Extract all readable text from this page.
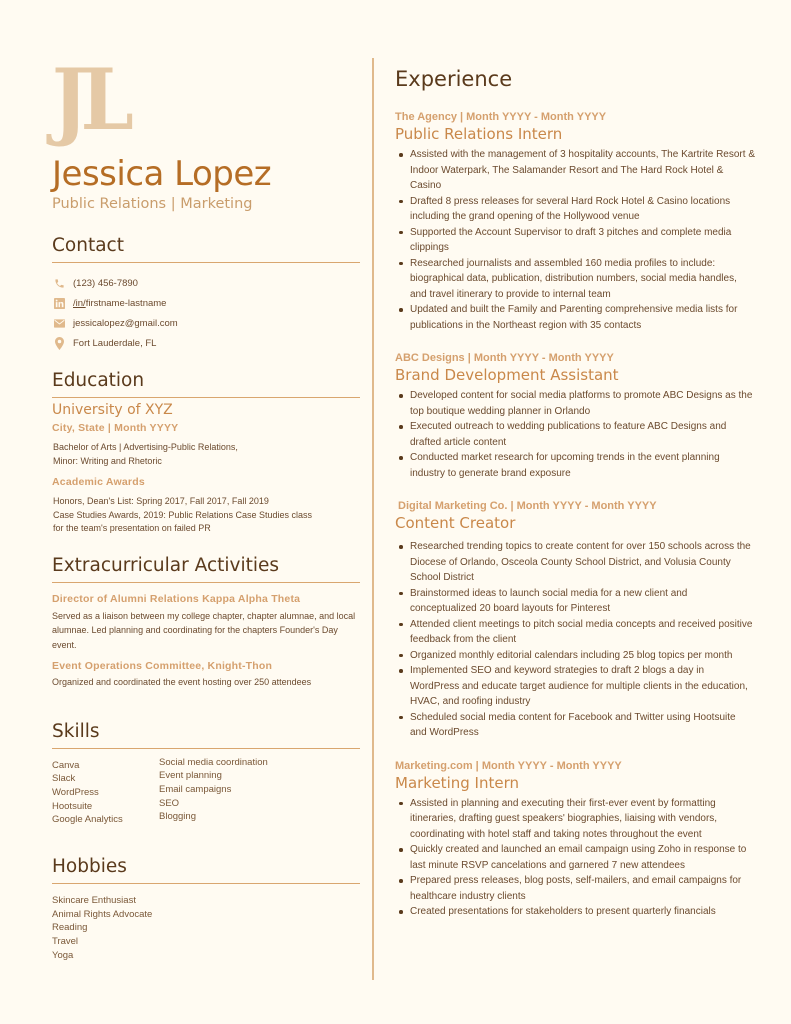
JL
Jessica Lopez
Public Relations | Marketing
Contact
(123) 456-7890
/in/firstname-lastname
jessicalopez@gmail.com
Fort Lauderdale, FL
Education
University of XYZ
City, State | Month YYYY
Bachelor of Arts | Advertising-Public Relations,
Minor: Writing and Rhetoric
Academic Awards
Honors, Dean's List: Spring 2017, Fall 2017, Fall 2019
Case Studies Awards, 2019: Public Relations Case Studies class
for the team's presentation on failed PR
Extracurricular Activities
Director of Alumni Relations Kappa Alpha Theta
Served as a liaison between my college chapter, chapter alumnae, and local alumnae. Led planning and coordinating for the chapters Founder's Day event.
Event Operations Committee, Knight-Thon
Organized and coordinated the event hosting over 250 attendees
Skills
Canva
Slack
WordPress
Hootsuite
Google Analytics
Social media coordination
Event planning
Email campaigns
SEO
Blogging
Hobbies
Skincare Enthusiast
Animal Rights Advocate
Reading
Travel
Yoga
Experience
The Agency | Month YYYY - Month YYYY
Public Relations Intern
Assisted with the management of 3 hospitality accounts, The Kartrite Resort & Indoor Waterpark, The Salamander Resort and The Hard Rock Hotel & Casino
Drafted 8 press releases for several Hard Rock Hotel & Casino locations including the grand opening of the Hollywood venue
Supported the Account Supervisor to draft 3 pitches and complete media clippings
Researched journalists and assembled 160 media profiles to include: biographical data, publication, distribution numbers, social media handles, and travel itinerary to provide to internal team
Updated and built the Family and Parenting comprehensive media lists for publications in the Northeast region with 35 contacts
ABC Designs | Month YYYY - Month YYYY
Brand Development Assistant
Developed content for social media platforms to promote ABC Designs as the top boutique wedding planner in Orlando
Executed outreach to wedding publications to feature ABC Designs and drafted article content
Conducted market research for upcoming trends in the event planning industry to generate brand exposure
Digital Marketing Co. | Month YYYY - Month YYYY
Content Creator
Researched trending topics to create content for over 150 schools across the Diocese of Orlando, Osceola County School District, and Volusia County School District
Brainstormed ideas to launch social media for a new client and conceptualized 20 board layouts for Pinterest
Attended client meetings to pitch social media concepts and received positive feedback from the client
Organized monthly editorial calendars including 25 blog topics per month
Implemented SEO and keyword strategies to draft 2 blogs a day in WordPress and educate target audience for multiple clients in the education, HVAC, and roofing industry
Scheduled social media content for Facebook and Twitter using Hootsuite and WordPress
Marketing.com | Month YYYY - Month YYYY
Marketing Intern
Assisted in planning and executing their first-ever event by formatting itineraries, drafting guest speakers' biographies, liaising with vendors, coordinating with hotel staff and taking notes throughout the event
Quickly created and launched an email campaign using Zoho in response to last minute RSVP cancelations and garnered 7 new attendees
Prepared press releases, blog posts, self-mailers, and email campaigns for healthcare industry clients
Created presentations for stakeholders to present quarterly financials
